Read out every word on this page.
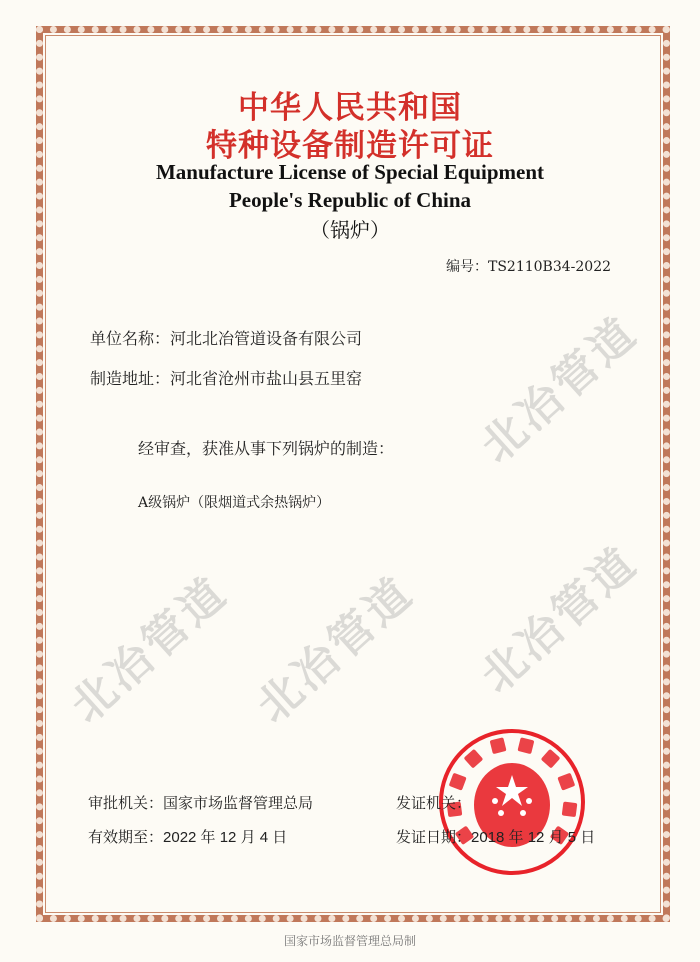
中华人民共和国
特种设备制造许可证
Manufacture License of Special Equipment
People's Republic of China
（锅炉）
编号：TS2110B34-2022
单位名称：河北北冶管道设备有限公司
制造地址：河北省沧州市盐山县五里窑
经审查，获准从事下列锅炉的制造：
A级锅炉（限烟道式余热锅炉）
审批机关：国家市场监督管理总局	发证机关：
有效期至：2022 年 12 月 4 日	发证日期：2018 年 12 月 5 日
北冶管道 北冶管道
北冶管道
北冶管道
国家市场监督管理总局制
